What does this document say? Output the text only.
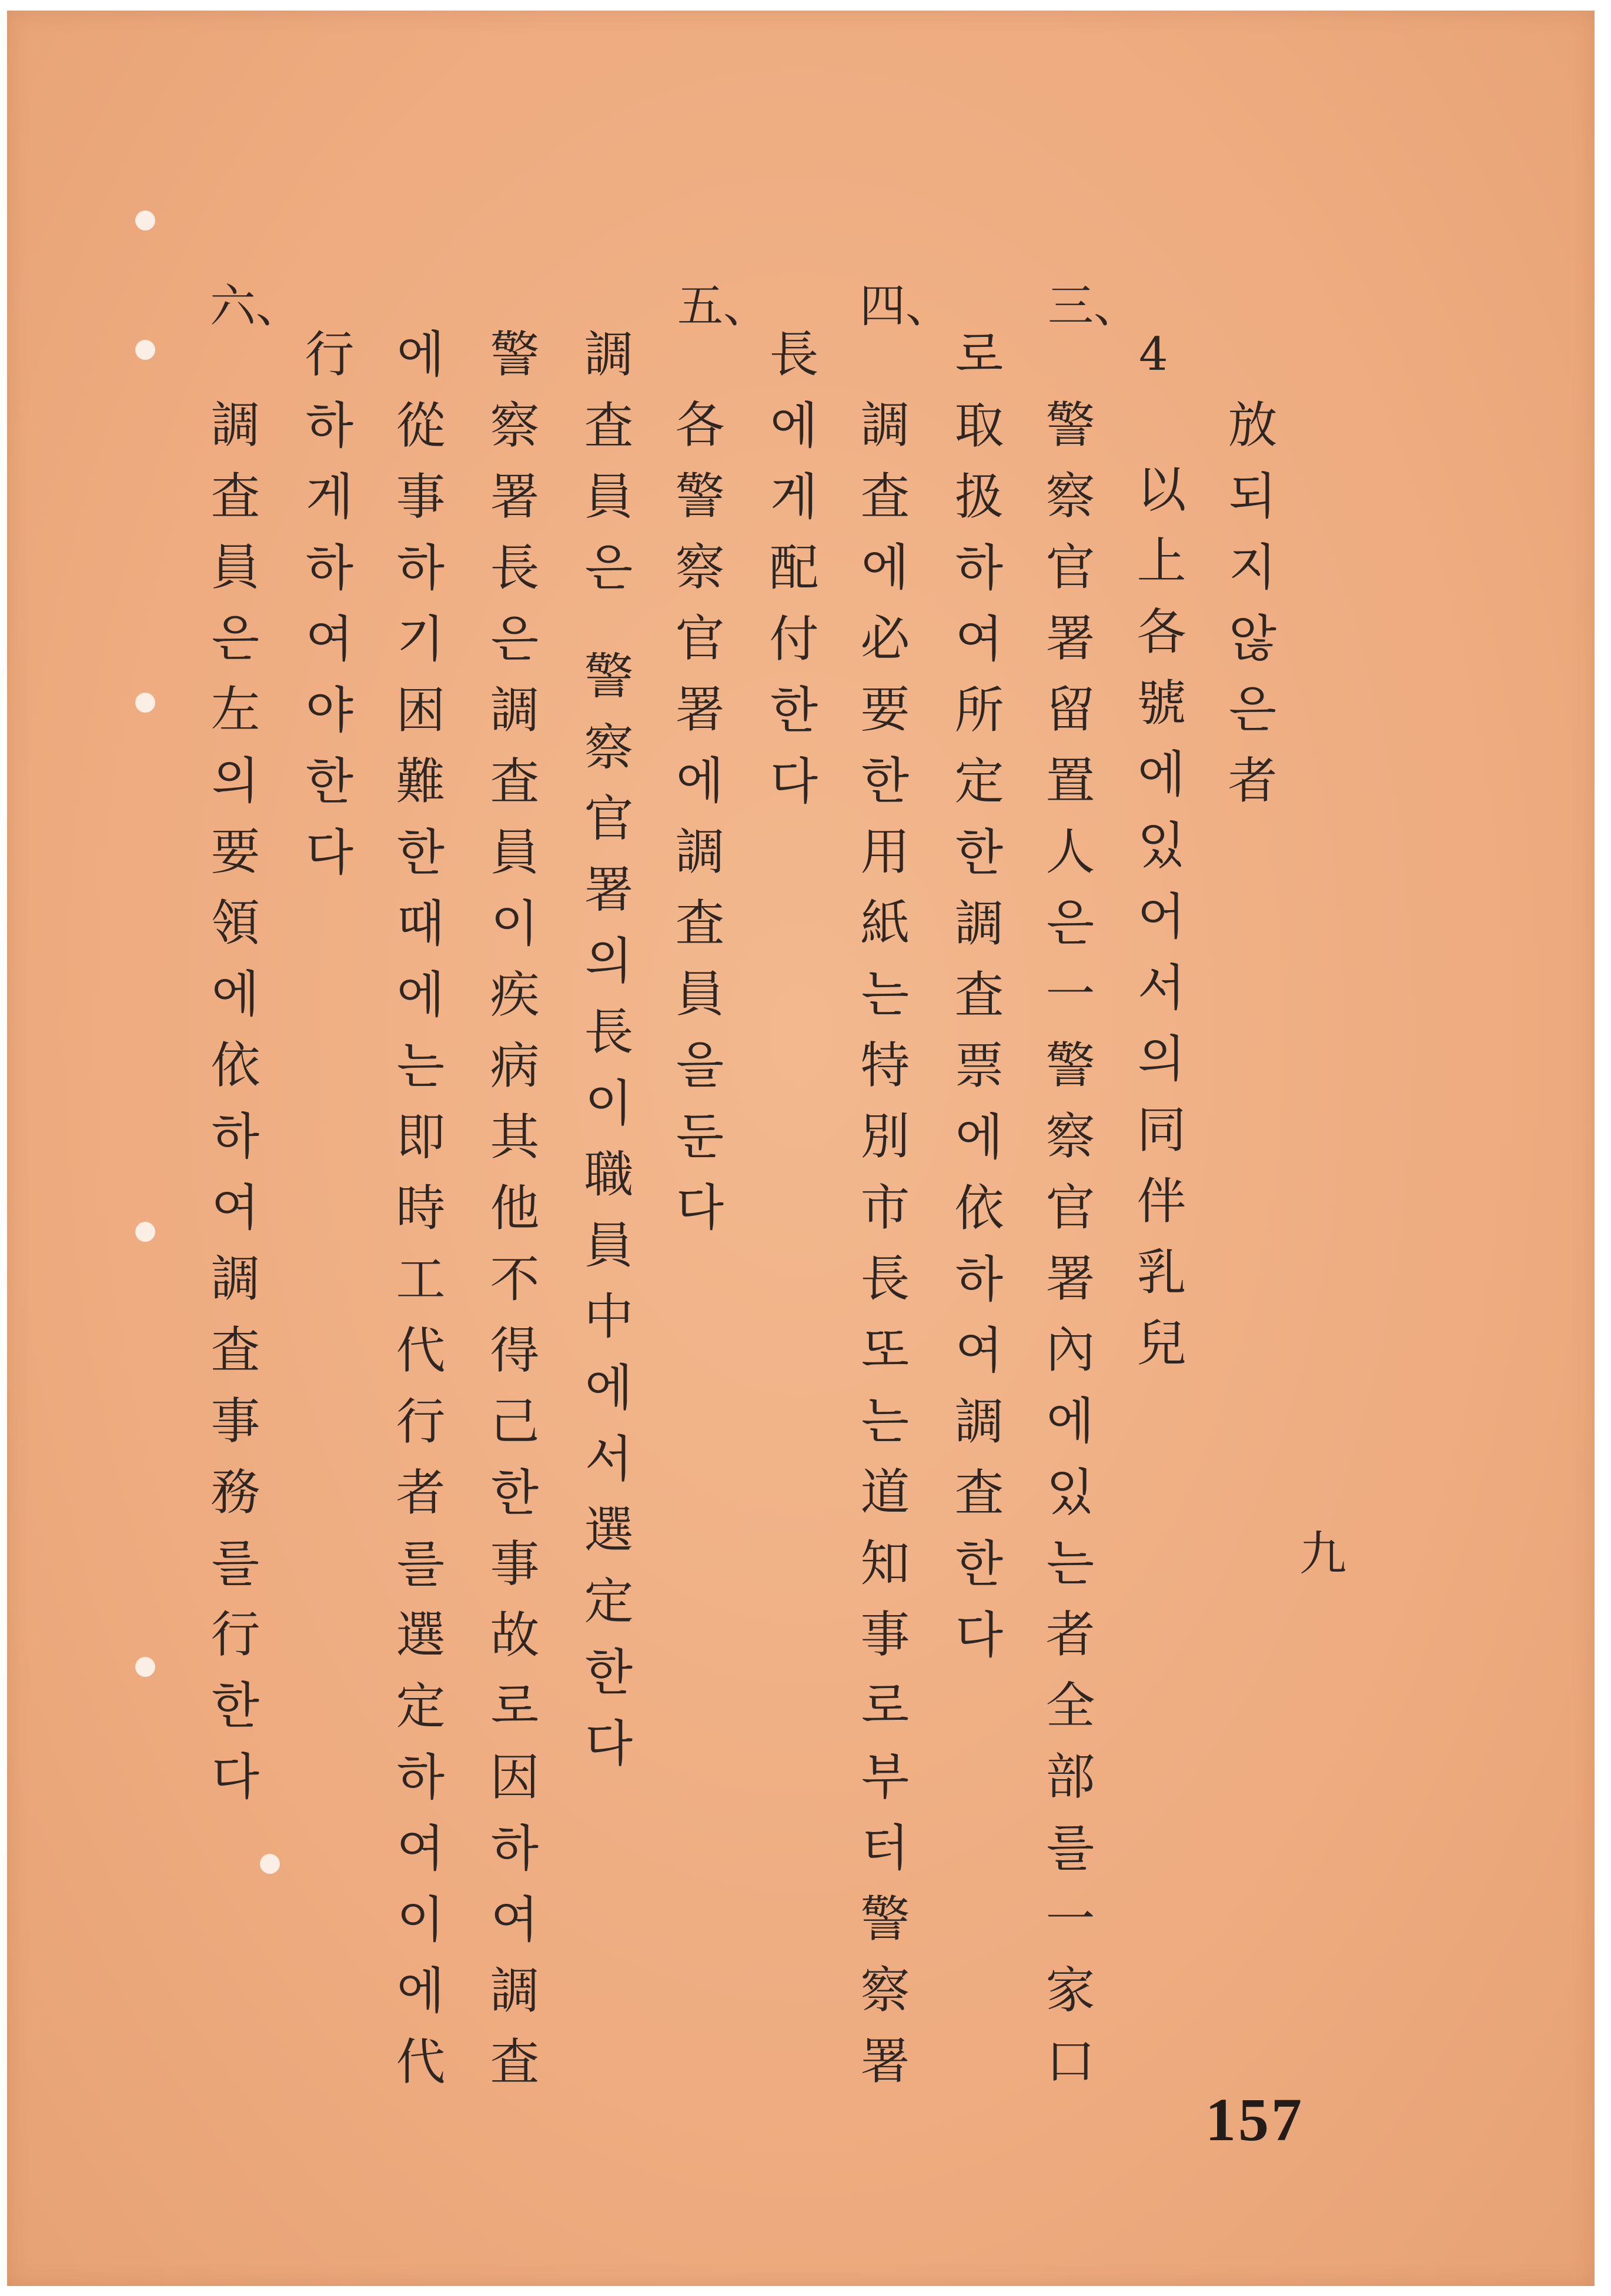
放되지않은者
4
以上各號에있어서의同伴乳兒
三、
警察官署留置人은一警察官署內에있는者全部를一家口
로取扱하여所定한調査票에依하여調査한다
四、
調査에必要한用紙는特別市長또는道知事로부터警察署
長에게配付한다
五、
各警察官署에調査員을둔다
調査員은 警察官署의長이職員中에서選定한다
警察署長은調査員이疾病其他不得己한事故로因하여調査
에從事하기困難한때에는即時工代行者를選定하여이에代
行하게하여야한다
六、
調査員은左의要領에依하여調査事務를行한다	九
157
